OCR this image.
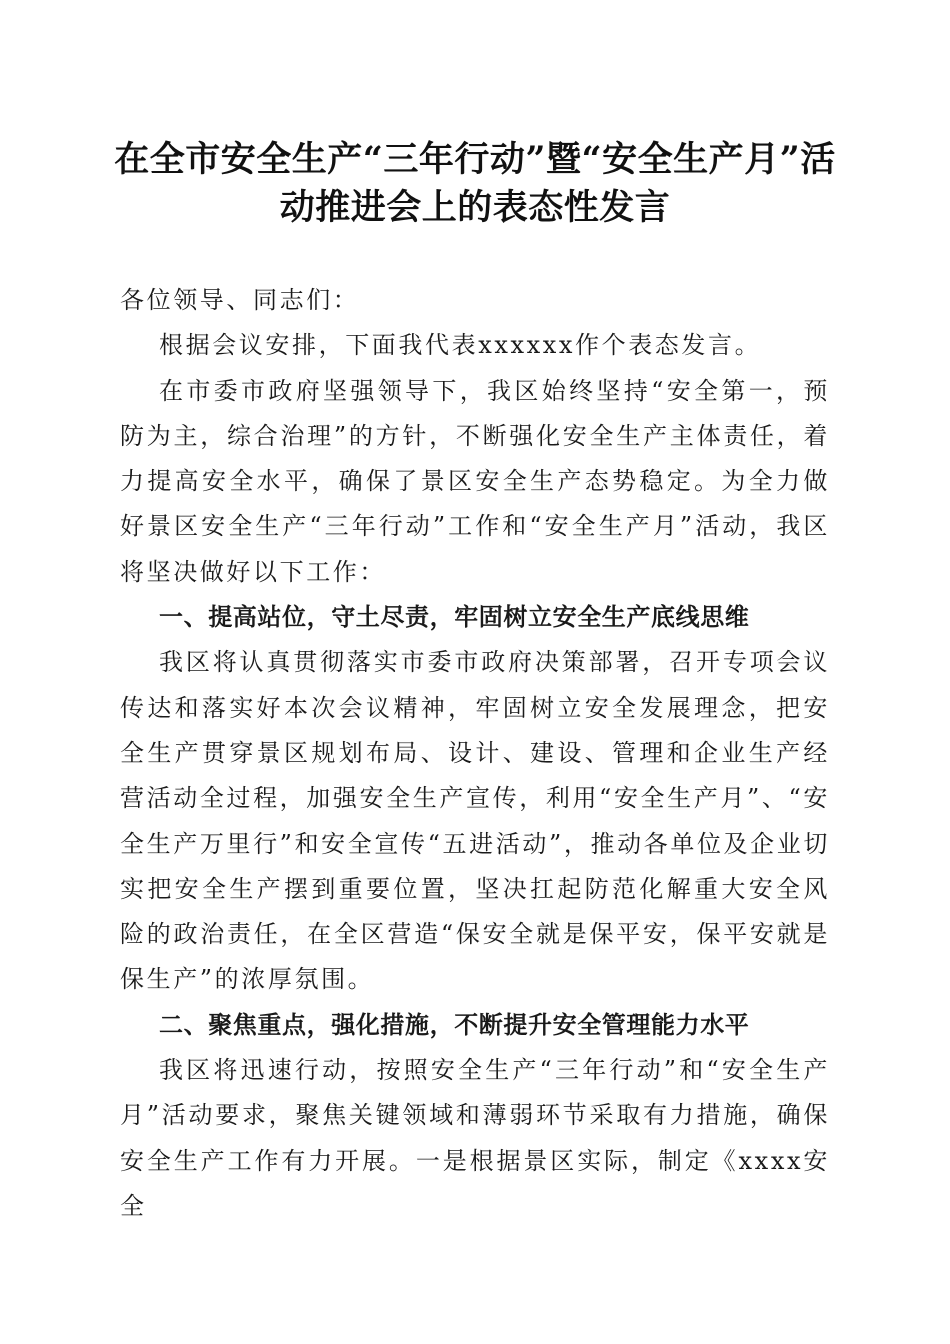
在全市安全生产“三年行动”暨“安全生产月”活动推进会上的表态性发言

各位领导、同志们：

根据会议安排，下面我代表xxxxxx作个表态发言。

在市委市政府坚强领导下，我区始终坚持“安全第一，预防为主，综合治理”的方针，不断强化安全生产主体责任，着力提高安全水平，确保了景区安全生产态势稳定。为全力做好景区安全生产“三年行动”工作和“安全生产月”活动，我区将坚决做好以下工作：

一、提高站位，守土尽责，牢固树立安全生产底线思维

我区将认真贯彻落实市委市政府决策部署，召开专项会议传达和落实好本次会议精神，牢固树立安全发展理念，把安全生产贯穿景区规划布局、设计、建设、管理和企业生产经营活动全过程，加强安全生产宣传，利用“安全生产月”、“安全生产万里行”和安全宣传“五进活动”，推动各单位及企业切实把安全生产摆到重要位置，坚决扛起防范化解重大安全风险的政治责任，在全区营造“保安全就是保平安，保平安就是保生产”的浓厚氛围。

二、聚焦重点，强化措施，不断提升安全管理能力水平

我区将迅速行动，按照安全生产“三年行动”和“安全生产月”活动要求，聚焦关键领域和薄弱环节采取有力措施，确保安全生产工作有力开展。一是根据景区实际，制定《xxxx安全
